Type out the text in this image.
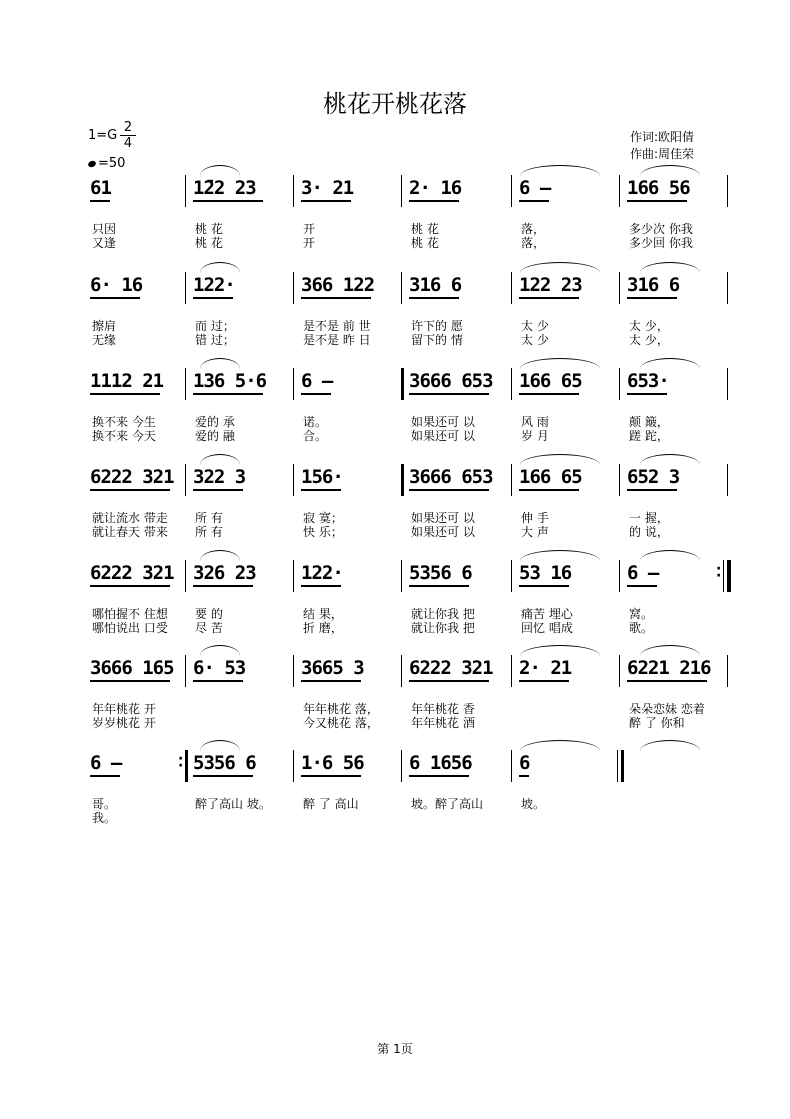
桃花开桃花落
$1=G \frac{2}{4}$
=50
作词:欧阳倩
作曲:周佳荣
61
只因
又逢
1̄22 23
桃 花
桃 花
3· 21
开
开
2· 16
桃 花
桃 花
6 –
落，
落，
166 56
多少次 你我
多少回 你我
6· 16
擦肩
无缘
122·
而 过；
错 过；
366 122
是不是 前 世
是不是 昨 日
316 6
许下的 愿
留下的 情
122 23
太 少
太 少
316 6
太 少，
太 少，
1112 21
换不来 今生
换不来 今天
136 5·6
爱的 承
爱的 融
6 –
诺。
合。
3666 653
如果还可 以
如果还可 以
166 65
风 雨
岁 月
653·
颠 簸，
蹉 跎，
6222 321
就让流水 带走
就让春天 带来
322 3
所 有
所 有
156·
寂 寞；
快 乐；
3666 653
如果还可 以
如果还可 以
166 65
伸 手
大 声
652 3
一 握，
的 说，
·
·
6222 321
哪怕握不 住想
哪怕说出 口受
326 23
要 的
尽 苦
122·
结 果，
折 磨，
5356 6
就让你我 把
就让你我 把
53 16
痛苦 埋心
回忆 唱成
6 –
窝。
歌。
3666 165
年年桃花 开
岁岁桃花 开
6· 53	3665 3
年年桃花 落，
今又桃花 落，
6222 321
年年桃花 香
年年桃花 酒
2· 21	6221 216
朵朵恋妹 恋着
醉 了 你和
·
·
6 –
哥。
我。
5356 6
醉了高山 坡。
1·6 56
醉 了 高山
6 1656
坡。醉了高山
6
坡。
第 1页
